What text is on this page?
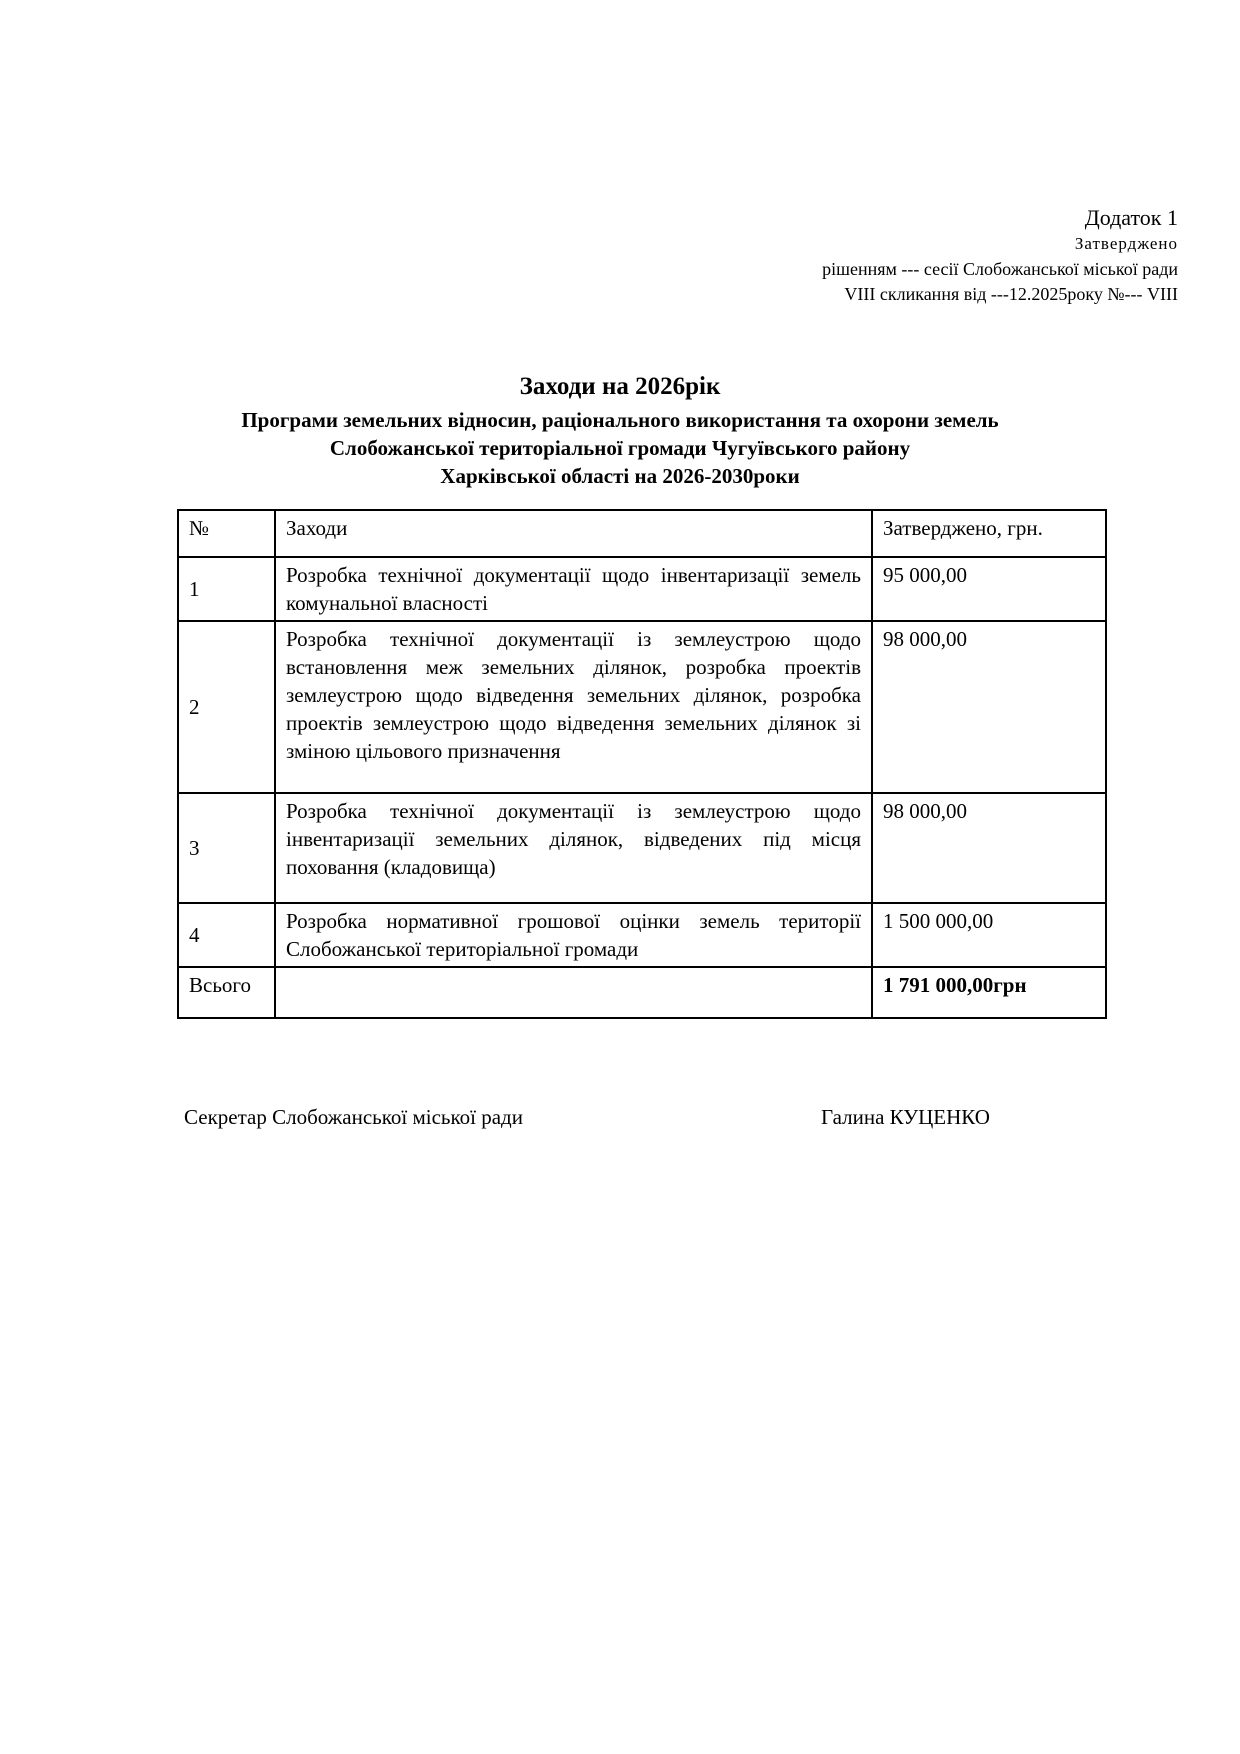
Додаток 1
Затверджено
рішенням --- сесії Слобожанської міської ради
VIII скликання від ---12.2025року №--- VIII
Заходи на 2026рік
Програми земельних відносин, раціонального використання та охорони земель
Слобожанської територіальної громади Чугуївського району
Харківської області на 2026-2030роки
№	Заходи	Затверджено, грн.
1	Розробка технічної документації щодо інвентаризації земель комунальної власності	95 000,00
2	Розробка технічної документації із землеустрою щодо встановлення меж земельних ділянок, розробка проектів землеустрою щодо відведення земельних ділянок, розробка проектів землеустрою щодо відведення земельних ділянок зі зміною цільового призначення	98 000,00
3	Розробка технічної документації із землеустрою щодо інвентаризації земельних ділянок, відведених під місця поховання (кладовища)	98 000,00
4	Розробка нормативної грошової оцінки земель території Слобожанської територіальної громади	1 500 000,00
Всього		1 791 000,00грн
Секретар Слобожанської міської ради	Галина КУЦЕНКО
